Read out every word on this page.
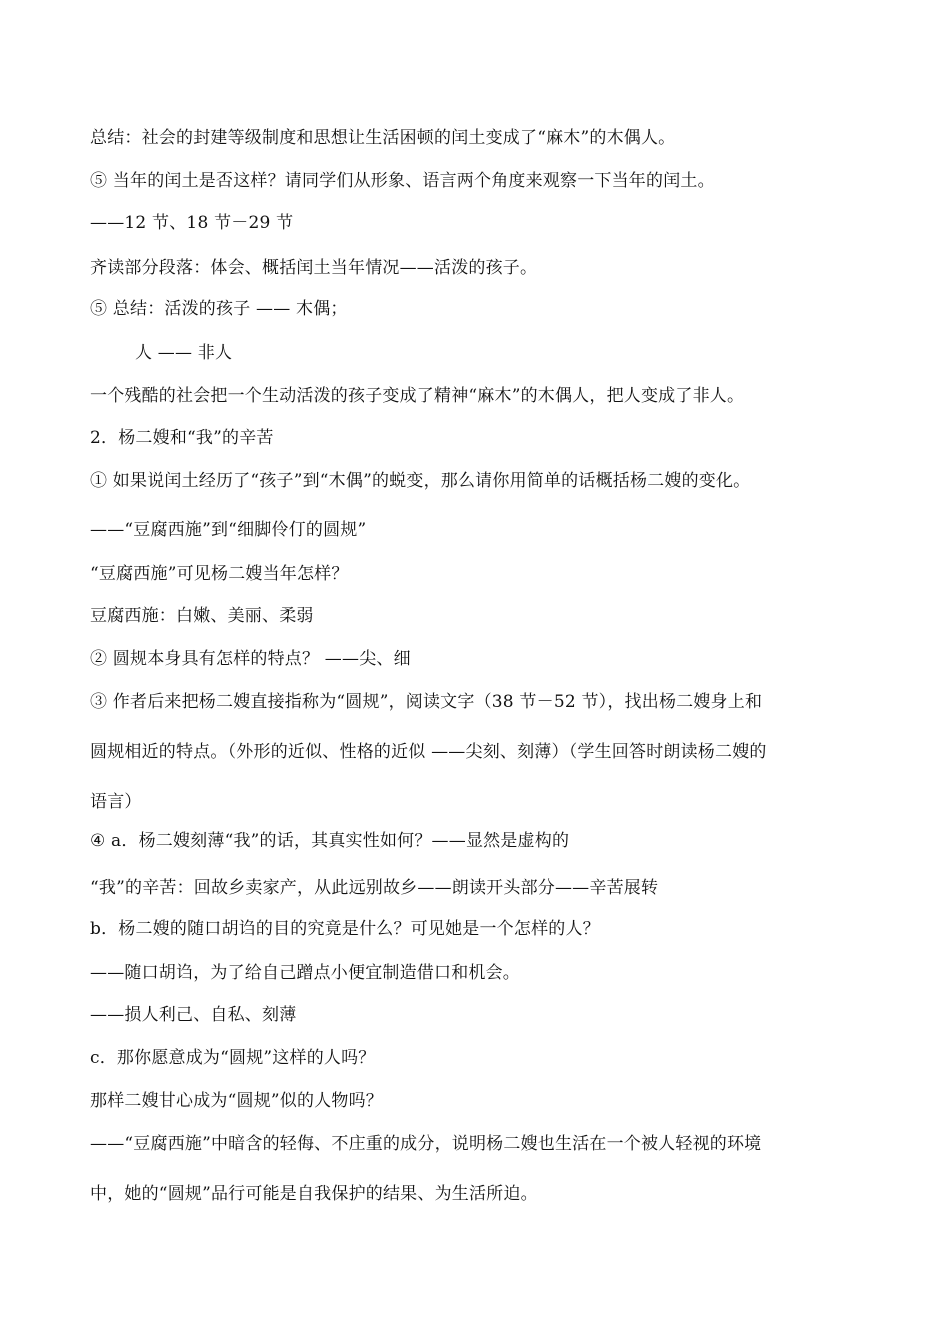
总结：社会的封建等级制度和思想让生活困顿的闰土变成了“麻木”的木偶人。
⑤ 当年的闰土是否这样？请同学们从形象、语言两个角度来观察一下当年的闰土。
——12 节、18 节－29 节
齐读部分段落：体会、概括闰土当年情况——活泼的孩子。
⑤ 总结：活泼的孩子 —— 木偶；
人 —— 非人
一个残酷的社会把一个生动活泼的孩子变成了精神“麻木”的木偶人，把人变成了非人。
2．杨二嫂和“我”的辛苦
① 如果说闰土经历了“孩子”到“木偶”的蜕变，那么请你用简单的话概括杨二嫂的变化。
——“豆腐西施”到“细脚伶仃的圆规”
“豆腐西施”可见杨二嫂当年怎样？
豆腐西施：白嫩、美丽、柔弱
② 圆规本身具有怎样的特点？ ——尖、细
③ 作者后来把杨二嫂直接指称为“圆规”，阅读文字（38 节－52 节），找出杨二嫂身上和
圆规相近的特点。（外形的近似、性格的近似 ——尖刻、刻薄）（学生回答时朗读杨二嫂的
语言）
④ a．杨二嫂刻薄“我”的话，其真实性如何？——显然是虚构的
“我”的辛苦：回故乡卖家产，从此远别故乡——朗读开头部分——辛苦展转
b．杨二嫂的随口胡诌的目的究竟是什么？可见她是一个怎样的人？
——随口胡诌，为了给自己蹭点小便宜制造借口和机会。
——损人利己、自私、刻薄
c．那你愿意成为“圆规”这样的人吗？
那样二嫂甘心成为“圆规”似的人物吗？
——“豆腐西施”中暗含的轻侮、不庄重的成分，说明杨二嫂也生活在一个被人轻视的环境
中，她的“圆规”品行可能是自我保护的结果、为生活所迫。
